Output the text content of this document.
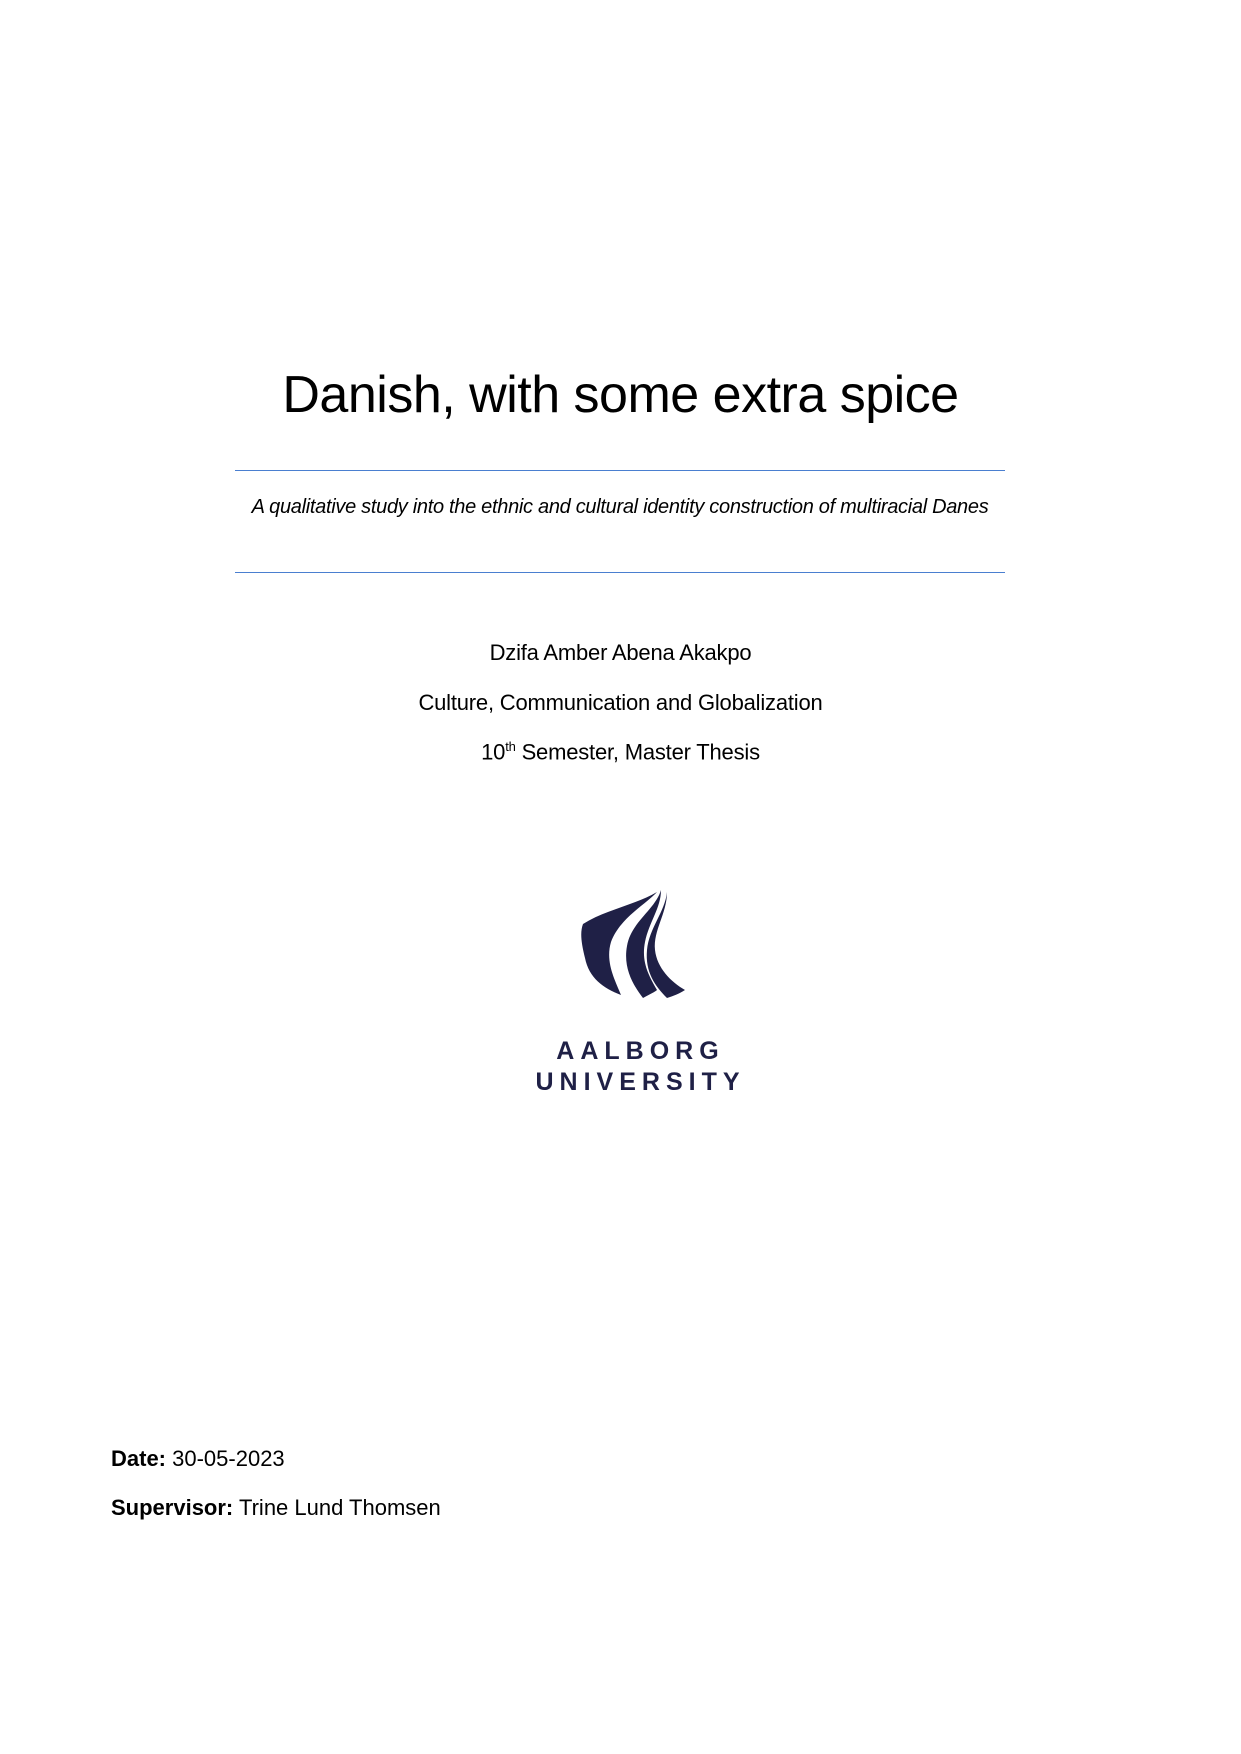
Danish, with some extra spice
A qualitative study into the ethnic and cultural identity construction of multiracial Danes
Dzifa Amber Abena Akakpo
Culture, Communication and Globalization
10th Semester, Master Thesis
AALBORG
UNIVERSITY
Date: 30-05-2023
Supervisor: Trine Lund Thomsen
